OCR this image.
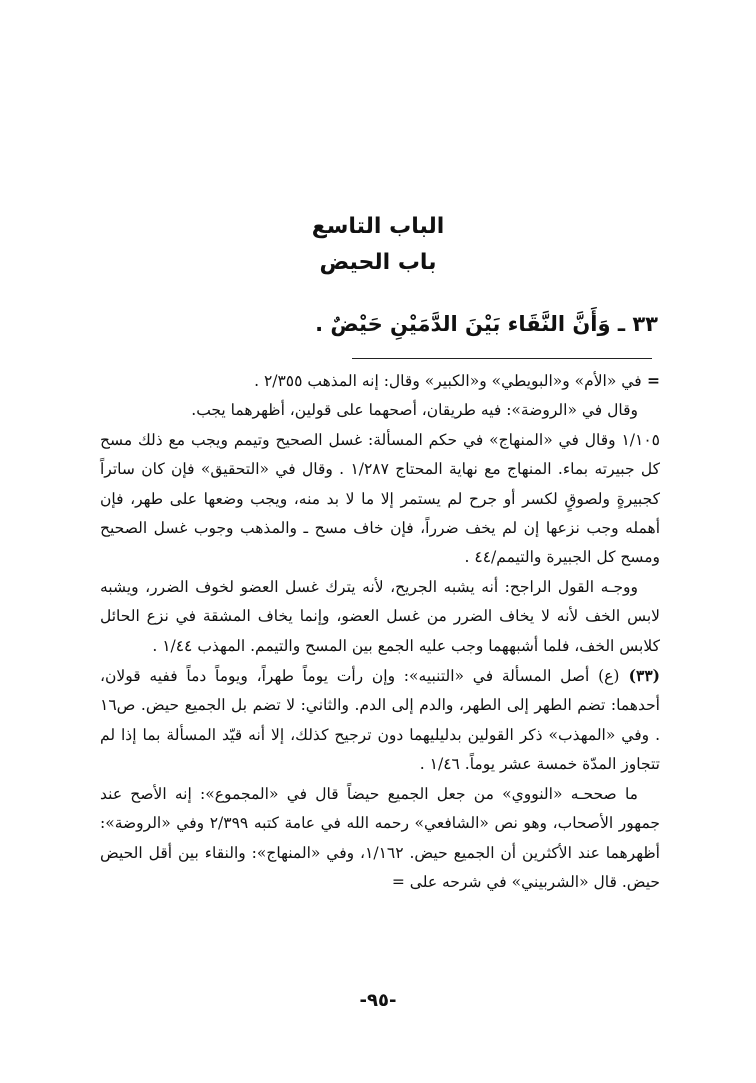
الباب التاسع
باب الحيض

٣٣ ـ وَأَنَّ النَّقَاء بَيْنَ الدَّمَيْنِ حَيْضٌ .

= في «الأم» و«البويطي» و«الكبير» وقال: إنه المذهب ٢/٣٥٥ .

وقال في «الروضة»: فيه طريقان، أصحهما على قولين، أظهرهما يجب.

١/١٠٥ وقال في «المنهاج» في حكم المسألة: غسل الصحيح وتيمم ويجب مع ذلك مسح كل جبيرته بماء. المنهاج مع نهاية المحتاج ١/٢٨٧ . وقال في «التحقيق» فإن كان ساتراً كجبيرةٍ ولصوقٍ لكسر أو جرح لم يستمر إلا ما لا بد منه، ويجب وضعها على طهر، فإن أهمله وجب نزعها إن لم يخف ضرراً، فإن خاف مسح ـ والمذهب وجوب غسل الصحيح ومسح كل الجبيرة والتيمم/٤٤ .

ووجـه القول الراجح: أنه يشبه الجريح، لأنه يترك غسل العضو لخوف الضرر، ويشبه لابس الخف لأنه لا يخاف الضرر من غسل العضو، وإنما يخاف المشقة في نزع الحائل كلابس الخف، فلما أشبههما وجب عليه الجمع بين المسح والتيمم. المهذب ١/٤٤ .

(٣٣) (ع) أصل المسألة في «التنبيه»: وإن رأت يوماً طهراً، ويوماً دماً ففيه قولان، أحدهما: تضم الطهر إلى الطهر، والدم إلى الدم. والثاني: لا تضم بل الجميع حيض. ص١٦ . وفي «المهذب» ذكر القولين بدليليهما دون ترجيح كذلك، إلا أنه قيّد المسألة بما إذا لم تتجاوز المدّة خمسة عشر يوماً. ١/٤٦ .

ما صححـه «النووي» من جعل الجميع حيضاً قال في «المجموع»: إنه الأصح عند جمهور الأصحاب، وهو نص «الشافعي» رحمه الله في عامة كتبه ٢/٣٩٩ وفي «الروضة»: أظهرهما عند الأكثرين أن الجميع حيض. ١/١٦٢، وفي «المنهاج»: والنقاء بين أقل الحيض حيض. قال «الشربيني» في شرحه على =

-٩٥-
